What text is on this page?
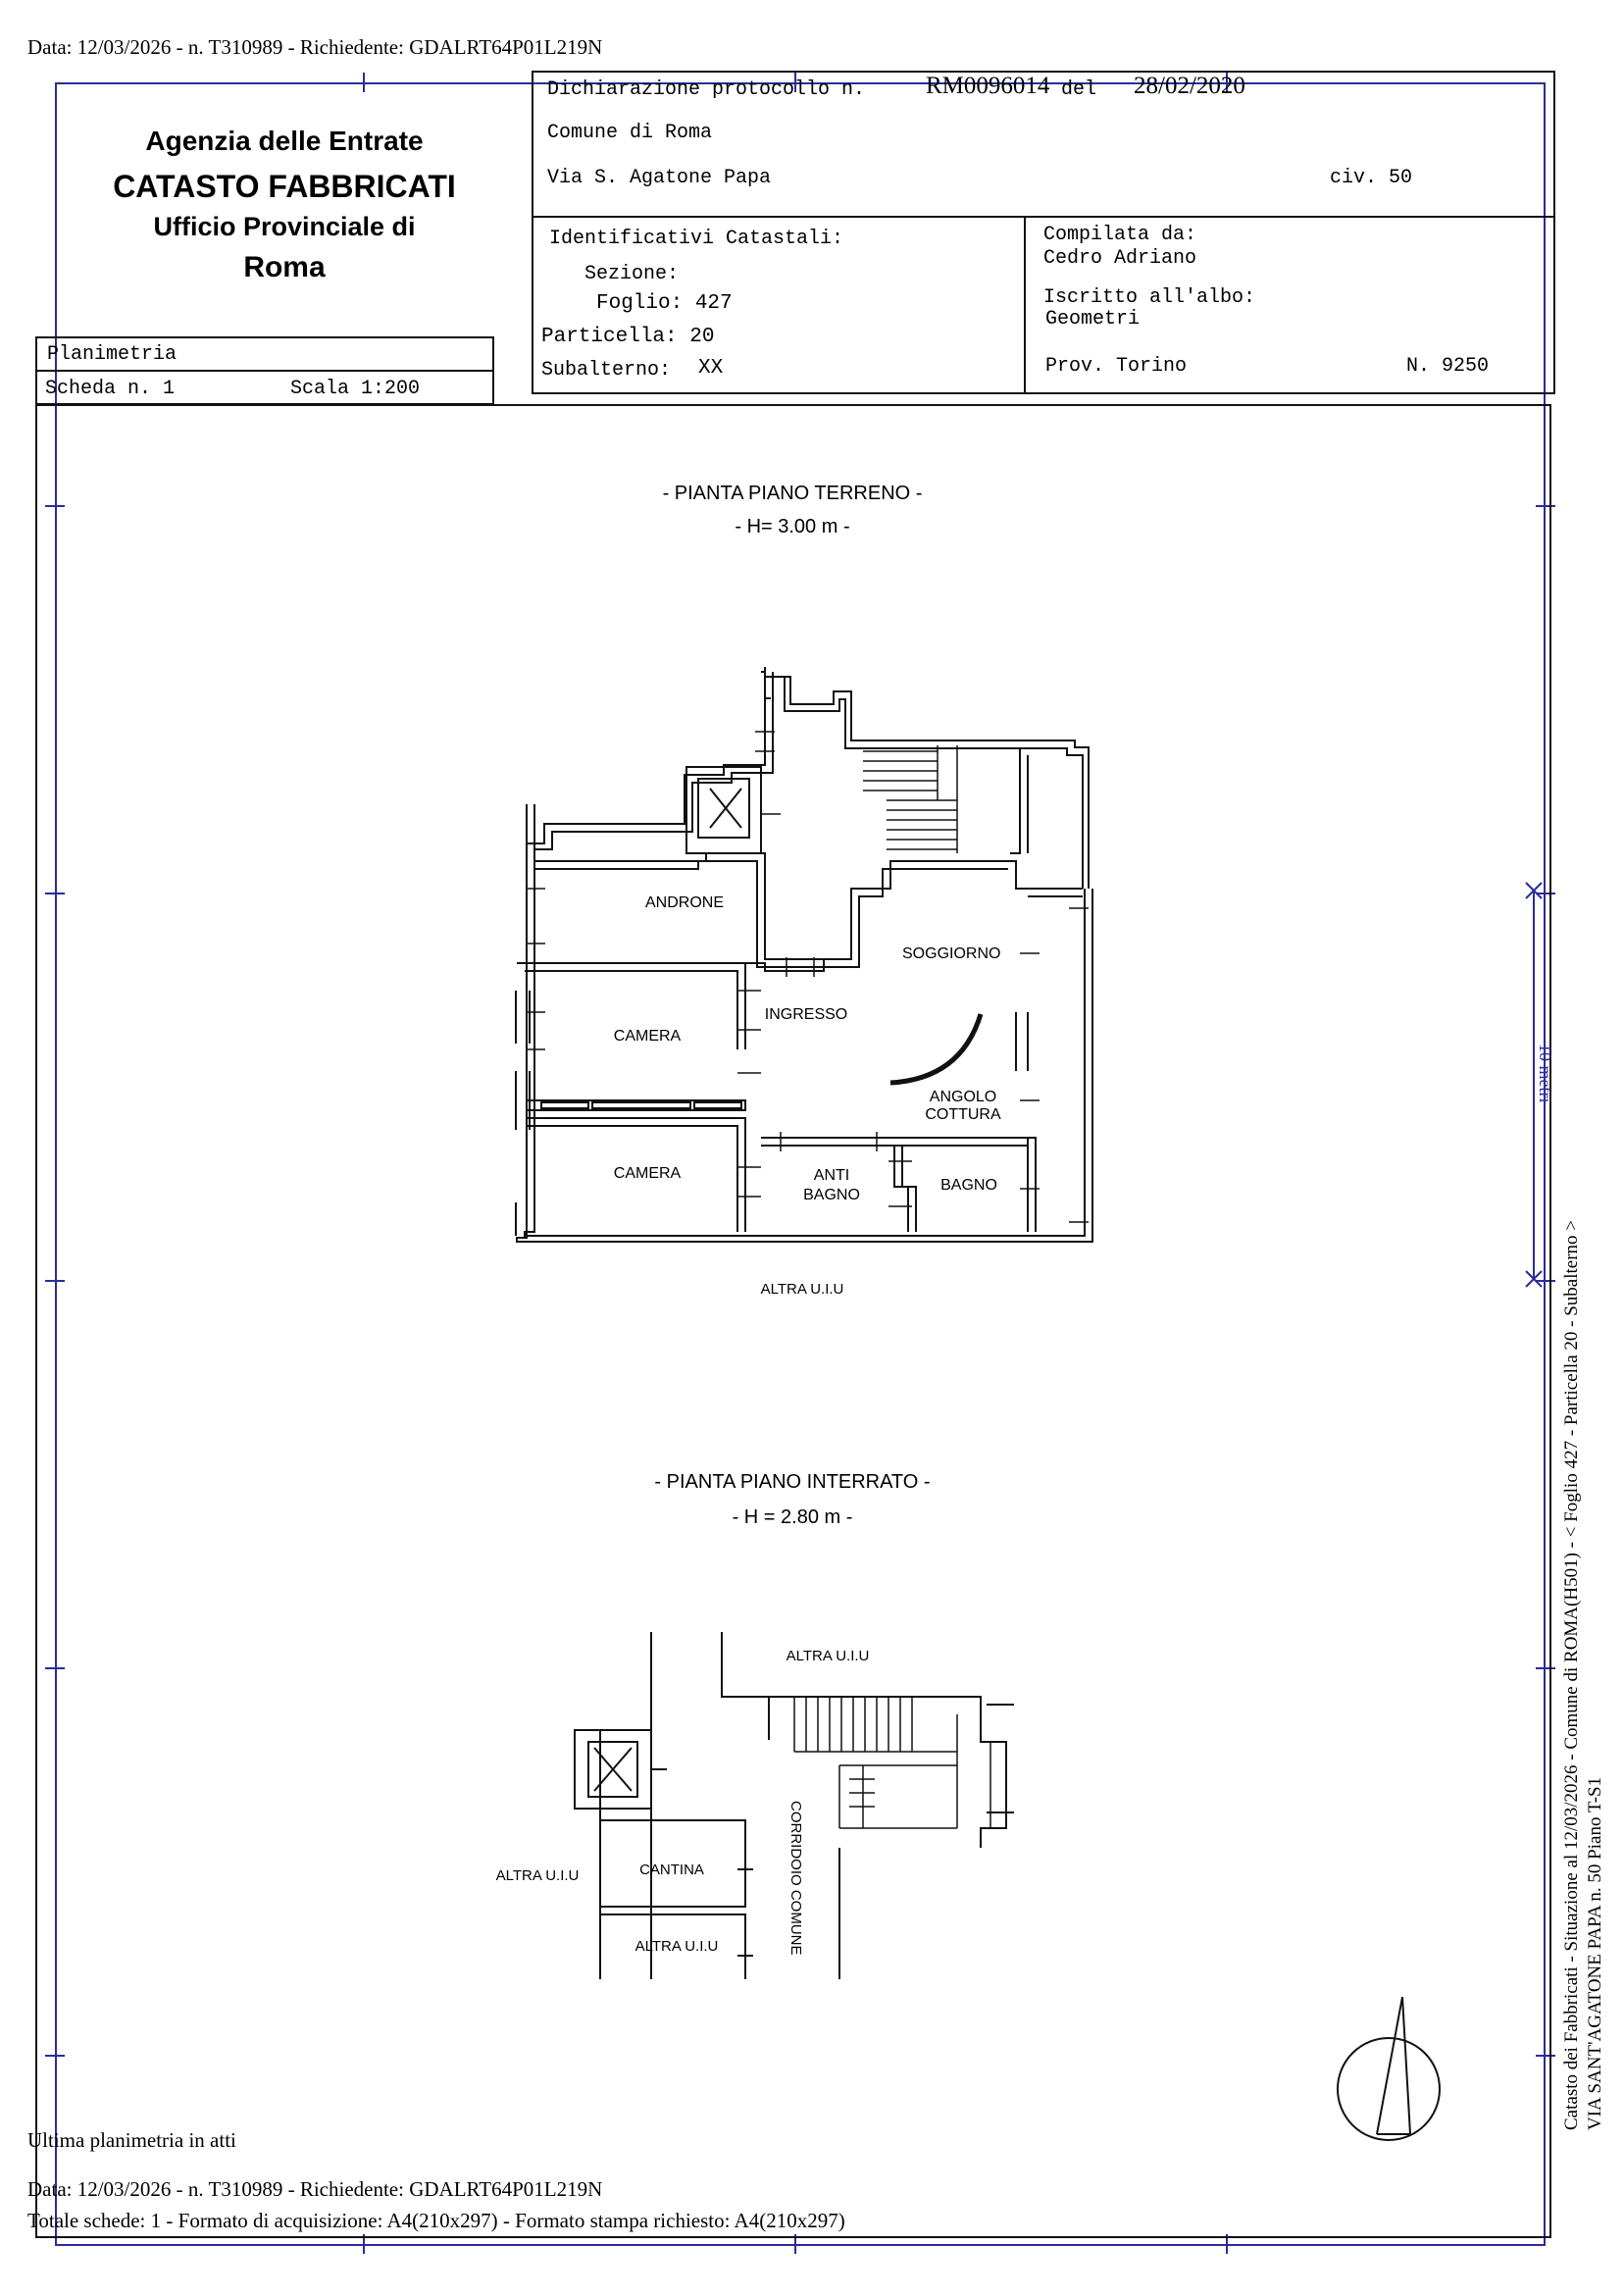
Data: 12/03/2026 - n. T310989 - Richiedente: GDALRT64P01L219N
Agenzia delle Entrate
CATASTO FABBRICATI
Ufficio Provinciale di
Roma
Planimetria
Scheda n. 1	Scala 1:200
Dichiarazione protocollo n. RM0096014 del 28/02/2020
Comune di Roma
Via S. Agatone Papa	civ. 50
Identificativi Catastali:
Sezione:
Foglio: 427
Particella: 20
Subalterno: XX
Compilata da:
Cedro Adriano
Iscritto all'albo:
Geometri
Prov. Torino	N. 9250
- PIANTA PIANO TERRENO -
- H= 3.00 m -
ANDRONE
SOGGIORNO
INGRESSO
CAMERA
CAMERA
ANGOLO
COTTURA
ANTI
BAGNO
BAGNO
ALTRA U.I.U
- PIANTA PIANO INTERRATO -
- H = 2.80 m -
ALTRA U.I.U
ALTRA U.I.U	CANTINA
ALTRA U.I.U	CORRIDOIO COMUNE
10 metri
Catasto dei Fabbricati - Situazione al 12/03/2026 - Comune di ROMA(H501) - < Foglio 427 - Particella 20 - Subalterno > VIA SANT'AGATONE PAPA n. 50 Piano T-S1
Ultima planimetria in atti
Data: 12/03/2026 - n. T310989 - Richiedente: GDALRT64P01L219N
Totale schede: 1 - Formato di acquisizione: A4(210x297) - Formato stampa richiesto: A4(210x297)
